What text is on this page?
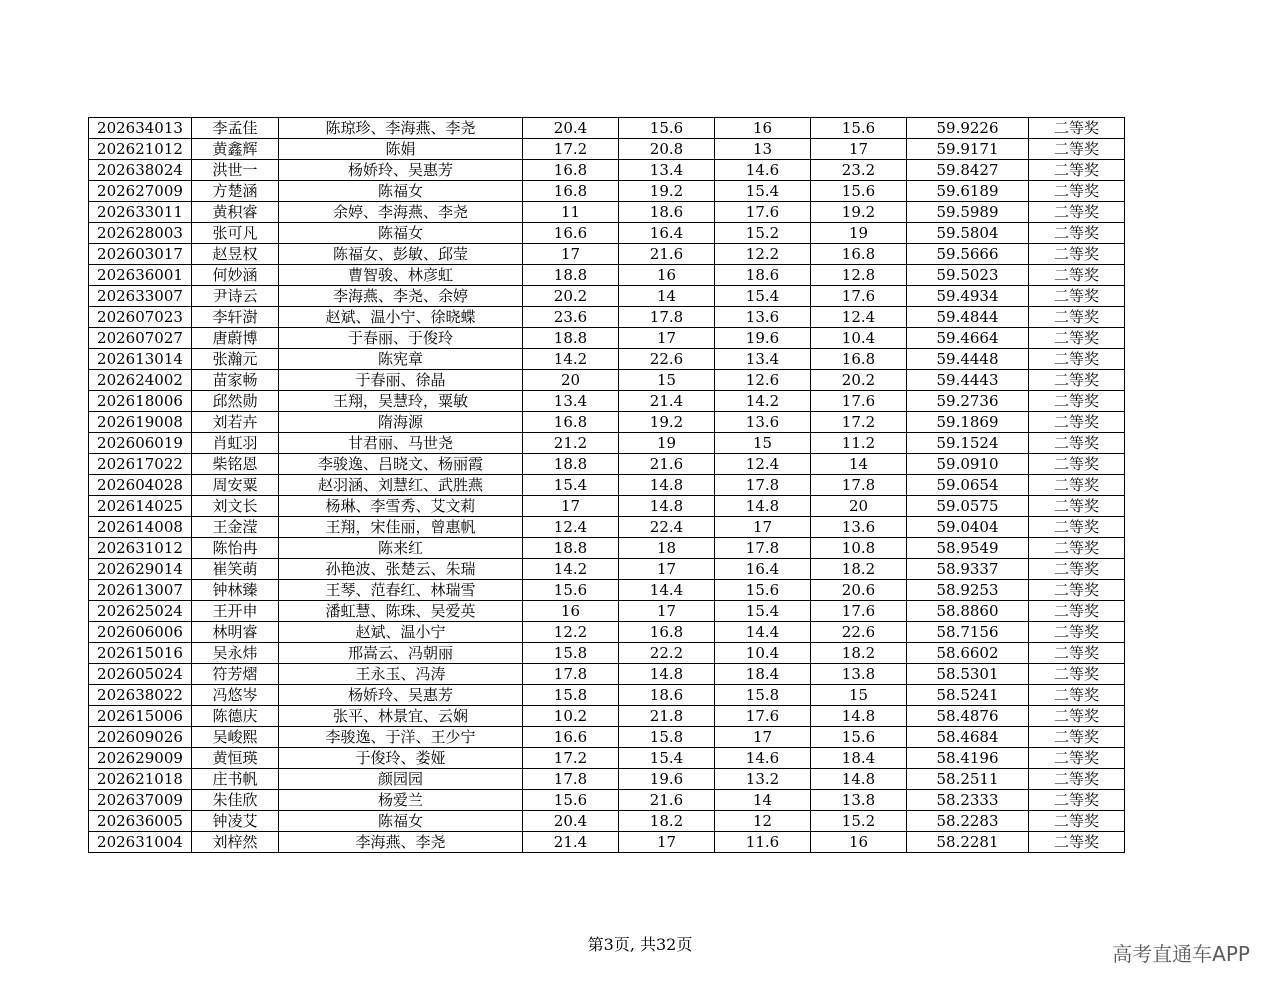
202634013	李孟佳	陈琼珍、李海燕、李尧	20.4	15.6	16	15.6	59.9226	二等奖
202621012	黄鑫辉	陈娟	17.2	20.8	13	17	59.9171	二等奖
202638024	洪世一	杨娇玲、吴惠芳	16.8	13.4	14.6	23.2	59.8427	二等奖
202627009	方楚涵	陈福女	16.8	19.2	15.4	15.6	59.6189	二等奖
202633011	黄积睿	余婷、李海燕、李尧	11	18.6	17.6	19.2	59.5989	二等奖
202628003	张可凡	陈福女	16.6	16.4	15.2	19	59.5804	二等奖
202603017	赵昱权	陈福女、彭敏、邱莹	17	21.6	12.2	16.8	59.5666	二等奖
202636001	何妙涵	曹智骏、林彦虹	18.8	16	18.6	12.8	59.5023	二等奖
202633007	尹诗云	李海燕、李尧、余婷	20.2	14	15.4	17.6	59.4934	二等奖
202607023	李轩澍	赵斌、温小宁、徐晓蝶	23.6	17.8	13.6	12.4	59.4844	二等奖
202607027	唐蔚博	于春丽、于俊玲	18.8	17	19.6	10.4	59.4664	二等奖
202613014	张瀚元	陈宪章	14.2	22.6	13.4	16.8	59.4448	二等奖
202624002	苗家畅	于春丽、徐晶	20	15	12.6	20.2	59.4443	二等奖
202618006	邱然勋	王翔，吴慧玲，粟敏	13.4	21.4	14.2	17.6	59.2736	二等奖
202619008	刘若卉	隋海源	16.8	19.2	13.6	17.2	59.1869	二等奖
202606019	肖虹羽	甘君丽、马世尧	21.2	19	15	11.2	59.1524	二等奖
202617022	柴铭恩	李骏逸、吕晓文、杨丽霞	18.8	21.6	12.4	14	59.0910	二等奖
202604028	周安粟	赵羽涵、刘慧红、武胜燕	15.4	14.8	17.8	17.8	59.0654	二等奖
202614025	刘文长	杨琳、李雪秀、艾文莉	17	14.8	14.8	20	59.0575	二等奖
202614008	王金滢	王翔，宋佳丽，曾惠帆	12.4	22.4	17	13.6	59.0404	二等奖
202631012	陈怡冉	陈来红	18.8	18	17.8	10.8	58.9549	二等奖
202629014	崔笑萌	孙艳波、张楚云、朱瑞	14.2	17	16.4	18.2	58.9337	二等奖
202613007	钟林臻	王琴、范春红、林瑞雪	15.6	14.4	15.6	20.6	58.9253	二等奖
202625024	王开申	潘虹慧、陈珠、吴爱英	16	17	15.4	17.6	58.8860	二等奖
202606006	林明睿	赵斌、温小宁	12.2	16.8	14.4	22.6	58.7156	二等奖
202615016	吴永炜	邢嵩云、冯朝丽	15.8	22.2	10.4	18.2	58.6602	二等奖
202605024	符芳熠	王永玉、冯涛	17.8	14.8	18.4	13.8	58.5301	二等奖
202638022	冯悠岑	杨娇玲、吴惠芳	15.8	18.6	15.8	15	58.5241	二等奖
202615006	陈德庆	张平、林景宜、云娴	10.2	21.8	17.6	14.8	58.4876	二等奖
202609026	吴峻熙	李骏逸、于洋、王少宁	16.6	15.8	17	15.6	58.4684	二等奖
202629009	黄恒瑛	于俊玲、娄娅	17.2	15.4	14.6	18.4	58.4196	二等奖
202621018	庄书帆	颜园园	17.8	19.6	13.2	14.8	58.2511	二等奖
202637009	朱佳欣	杨爱兰	15.6	21.6	14	13.8	58.2333	二等奖
202636005	钟凌艾	陈福女	20.4	18.2	12	15.2	58.2283	二等奖
202631004	刘梓然	李海燕、李尧	21.4	17	11.6	16	58.2281	二等奖
第3页, 共32页	高考直通车APP
